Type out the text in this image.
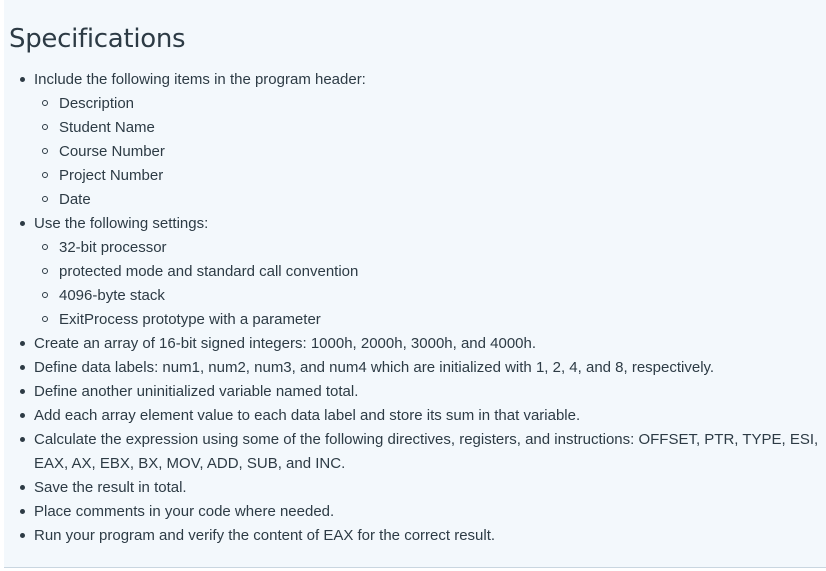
Specifications
Include the following items in the program header:
Description
Student Name
Course Number
Project Number
Date
Use the following settings:
32-bit processor
protected mode and standard call convention
4096-byte stack
ExitProcess prototype with a parameter
Create an array of 16-bit signed integers: 1000h, 2000h, 3000h, and 4000h.
Define data labels: num1, num2, num3, and num4 which are initialized with 1, 2, 4, and 8, respectively.
Define another uninitialized variable named total.
Add each array element value to each data label and store its sum in that variable.
Calculate the expression using some of the following directives, registers, and instructions: OFFSET, PTR, TYPE, ESI, EAX, AX, EBX, BX, MOV, ADD, SUB, and INC.
Save the result in total.
Place comments in your code where needed.
Run your program and verify the content of EAX for the correct result.
